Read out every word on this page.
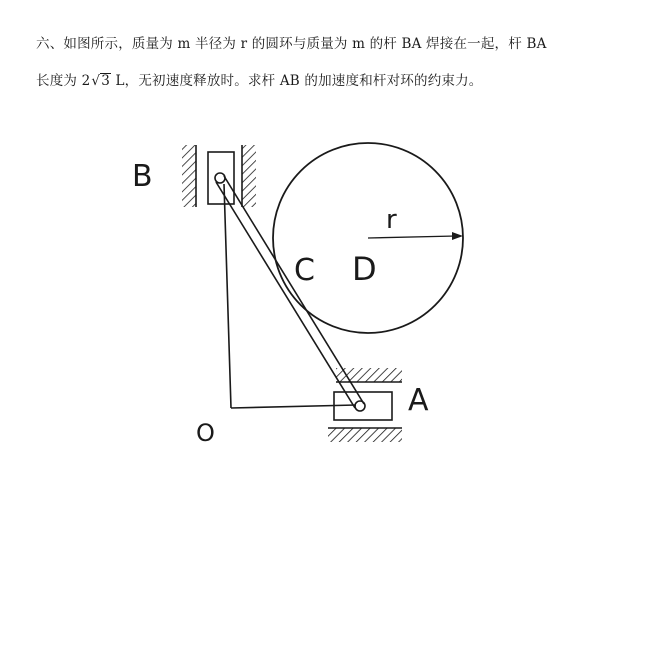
六、如图所示，质量为 m 半径为 r 的圆环与质量为 m 的杆 BA 焊接在一起，杆 BA
长度为 2√3 L，无初速度释放时。求杆 AB 的加速度和杆对环的约束力。
B
A
O
C D
r
